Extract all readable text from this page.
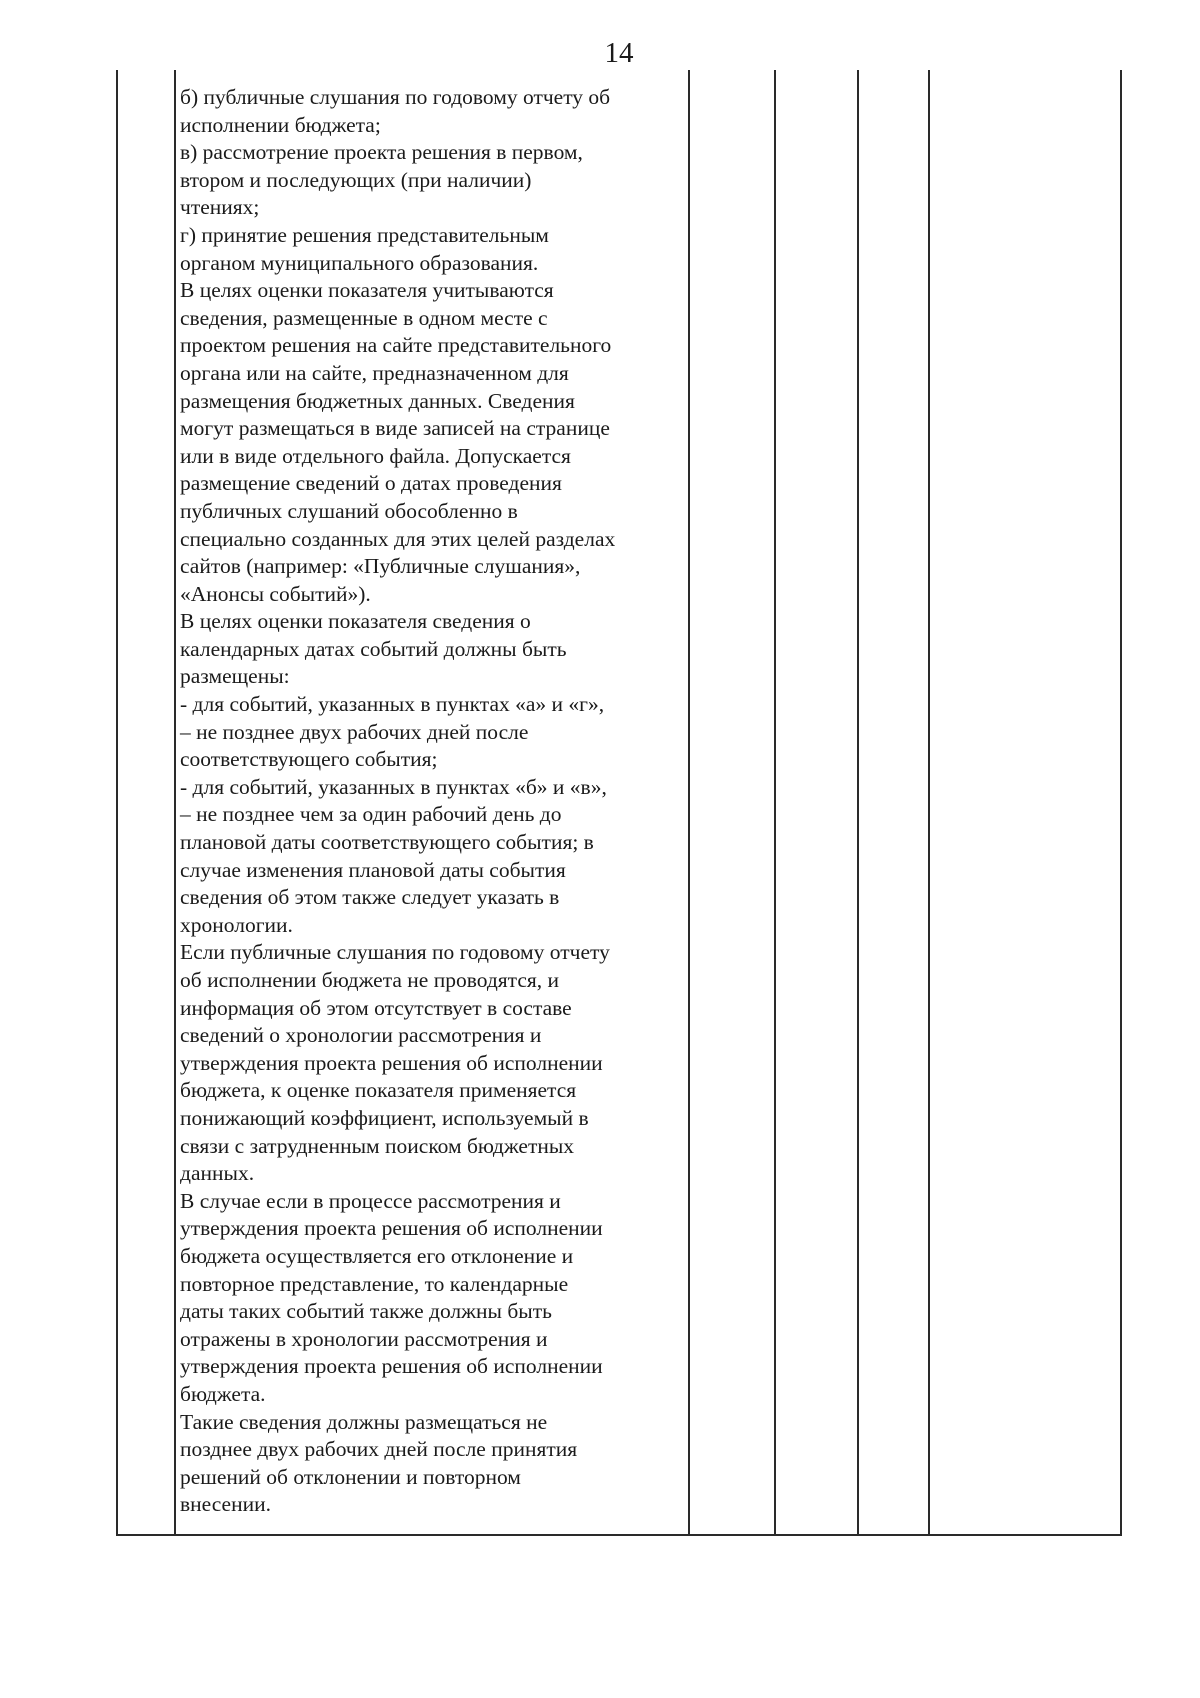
14

б) публичные слушания по годовому отчету об

исполнении бюджета;

в) рассмотрение проекта решения в первом,

втором и последующих (при наличии)

чтениях;

г) принятие решения представительным

органом муниципального образования.

В целях оценки показателя учитываются

сведения, размещенные в одном месте с

проектом решения на сайте представительного

органа или на сайте, предназначенном для

размещения бюджетных данных. Сведения

могут размещаться в виде записей на странице

или в виде отдельного файла. Допускается

размещение сведений о датах проведения

публичных слушаний обособленно в

специально созданных для этих целей разделах

сайтов (например: «Публичные слушания»,

«Анонсы событий»).

В целях оценки показателя сведения о

календарных датах событий должны быть

размещены:

- для событий, указанных в пунктах «а» и «г»,

– не позднее двух рабочих дней после

соответствующего события;

- для событий, указанных в пунктах «б» и «в»,

– не позднее чем за один рабочий день до

плановой даты соответствующего события; в

случае изменения плановой даты события

сведения об этом также следует указать в

хронологии.

Если публичные слушания по годовому отчету

об исполнении бюджета не проводятся, и

информация об этом отсутствует в составе

сведений о хронологии рассмотрения и

утверждения проекта решения об исполнении

бюджета, к оценке показателя применяется

понижающий коэффициент, используемый в

связи с затрудненным поиском бюджетных

данных.

В случае если в процессе рассмотрения и

утверждения проекта решения об исполнении

бюджета осуществляется его отклонение и

повторное представление, то календарные

даты таких событий также должны быть

отражены в хронологии рассмотрения и

утверждения проекта решения об исполнении

бюджета.

Такие сведения должны размещаться не

позднее двух рабочих дней после принятия

решений об отклонении и повторном

внесении.
